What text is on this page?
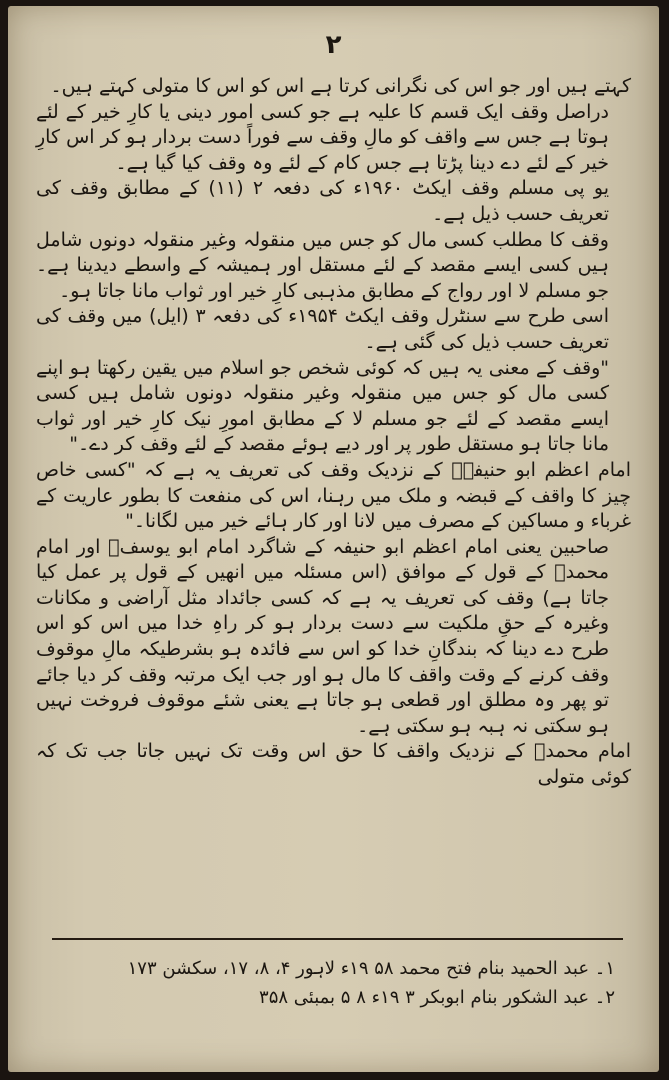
۲

کہتے ہیں اور جو اس کی نگرانی کرتا ہے اس کو اس کا متولی کہتے ہیں۔

دراصل وقف ایک قسم کا علیہ ہے جو کسی امور دینی یا کارِ خیر کے لئے ہوتا ہے جس سے واقف کو مالِ وقف سے فوراً دست بردار ہو کر اس کارِ خیر کے لئے دے دینا پڑتا ہے جس کام کے لئے وہ وقف کیا گیا ہے۔

یو پی مسلم وقف ایکٹ ۱۹۶۰ء کی دفعہ ۲ (۱۱) کے مطابق وقف کی تعریف حسب ذیل ہے۔

وقف کا مطلب کسی مال کو جس میں منقولہ وغیر منقولہ دونوں شامل ہیں کسی ایسے مقصد کے لئے مستقل اور ہمیشہ کے واسطے دیدینا ہے۔ جو مسلم لا اور رواج کے مطابق مذہبی کارِ خیر اور ثواب مانا جاتا ہو۔

اسی طرح سے سنٹرل وقف ایکٹ ۱۹۵۴ء کی دفعہ ۳ (ایل) میں وقف کی تعریف حسب ذیل کی گئی ہے۔

"وقف کے معنی یہ ہیں کہ کوئی شخص جو اسلام میں یقین رکھتا ہو اپنے کسی مال کو جس میں منقولہ وغیر منقولہ دونوں شامل ہیں کسی ایسے مقصد کے لئے جو مسلم لا کے مطابق امورِ نیک کارِ خیر اور ثواب مانا جاتا ہو مستقل طور پر اور دیے ہوئے مقصد کے لئے وقف کر دے۔"

امام اعظم ابو حنیفہؒ کے نزدیک وقف کی تعریف یہ ہے کہ "کسی خاص چیز کا واقف کے قبضہ و ملک میں رہنا، اس کی منفعت کا بطور عاریت کے غرباء و مساکین کے مصرف میں لانا اور کار ہائے خیر میں لگانا۔"

صاحبین یعنی امام اعظم ابو حنیفہ کے شاگرد امام ابو یوسفؒ اور امام محمدؒ کے قول کے موافق (اس مسئلہ میں انھیں کے قول پر عمل کیا جاتا ہے) وقف کی تعریف یہ ہے کہ کسی جائداد مثل آراضی و مکانات وغیرہ کے حقِ ملکیت سے دست بردار ہو کر راہِ خدا میں اس کو اس طرح دے دینا کہ بندگانِ خدا کو اس سے فائدہ ہو بشرطیکہ مالِ موقوف وقف کرنے کے وقت واقف کا مال ہو اور جب ایک مرتبہ وقف کر دیا جائے تو پھر وہ مطلق اور قطعی ہو جاتا ہے یعنی شئے موقوف فروخت نہیں ہو سکتی نہ ہبہ ہو سکتی ہے۔

امام محمدؒ کے نزدیک واقف کا حق اس وقت تک نہیں جاتا جب تک کہ کوئی متولی

۱۔ عبد الحمید بنام فتح محمد ۵۸ ۱۹ء لاہور ۴، ۸، ۱۷، سکشن ۱۷۳

۲۔ عبد الشکور بنام ابوبکر ۳ ۱۹ء ۸ ۵ بمبئی ۳۵۸
